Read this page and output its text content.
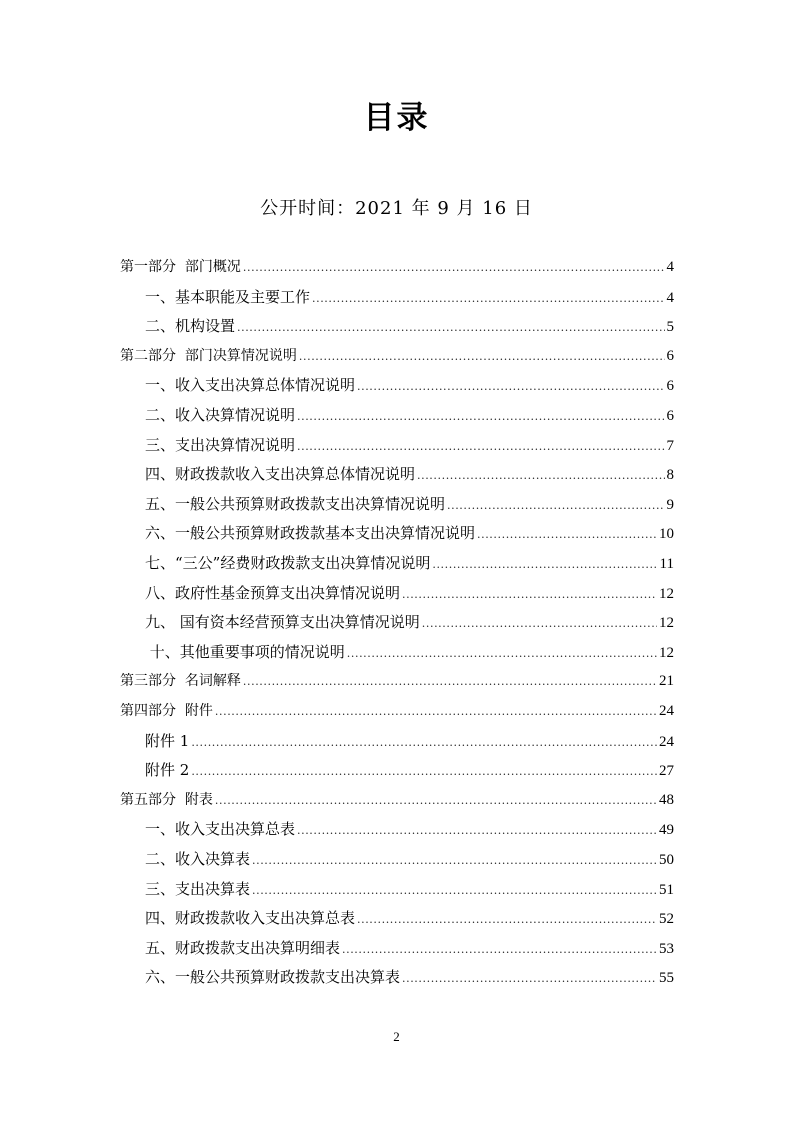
目录
公开时间：2021 年 9 月 16 日
第一部分  部门概况 .....	4
一、基本职能及主要工作 .....	4
二、机构设置 .....	5
第二部分  部门决算情况说明 .....	6
一、收入支出决算总体情况说明 .....	6
二、收入决算情况说明 .....	6
三、支出决算情况说明 .....	7
四、财政拨款收入支出决算总体情况说明 .....	8
五、一般公共预算财政拨款支出决算情况说明 .....	9
六、一般公共预算财政拨款基本支出决算情况说明 .....	10
七、“三公”经费财政拨款支出决算情况说明 .....	11
八、政府性基金预算支出决算情况说明 .....	12
九、 国有资本经营预算支出决算情况说明 .....	12
十、其他重要事项的情况说明 .....	12
第三部分  名词解释 .....	21
第四部分  附件 .....	24
附件 1 .....	24
附件 2 .....	27
第五部分  附表 .....	48
一、收入支出决算总表 .....	49
二、收入决算表 .....	50
三、支出决算表 .....	51
四、财政拨款收入支出决算总表 .....	52
五、财政拨款支出决算明细表 .....	53
六、一般公共预算财政拨款支出决算表 .....	55
2
